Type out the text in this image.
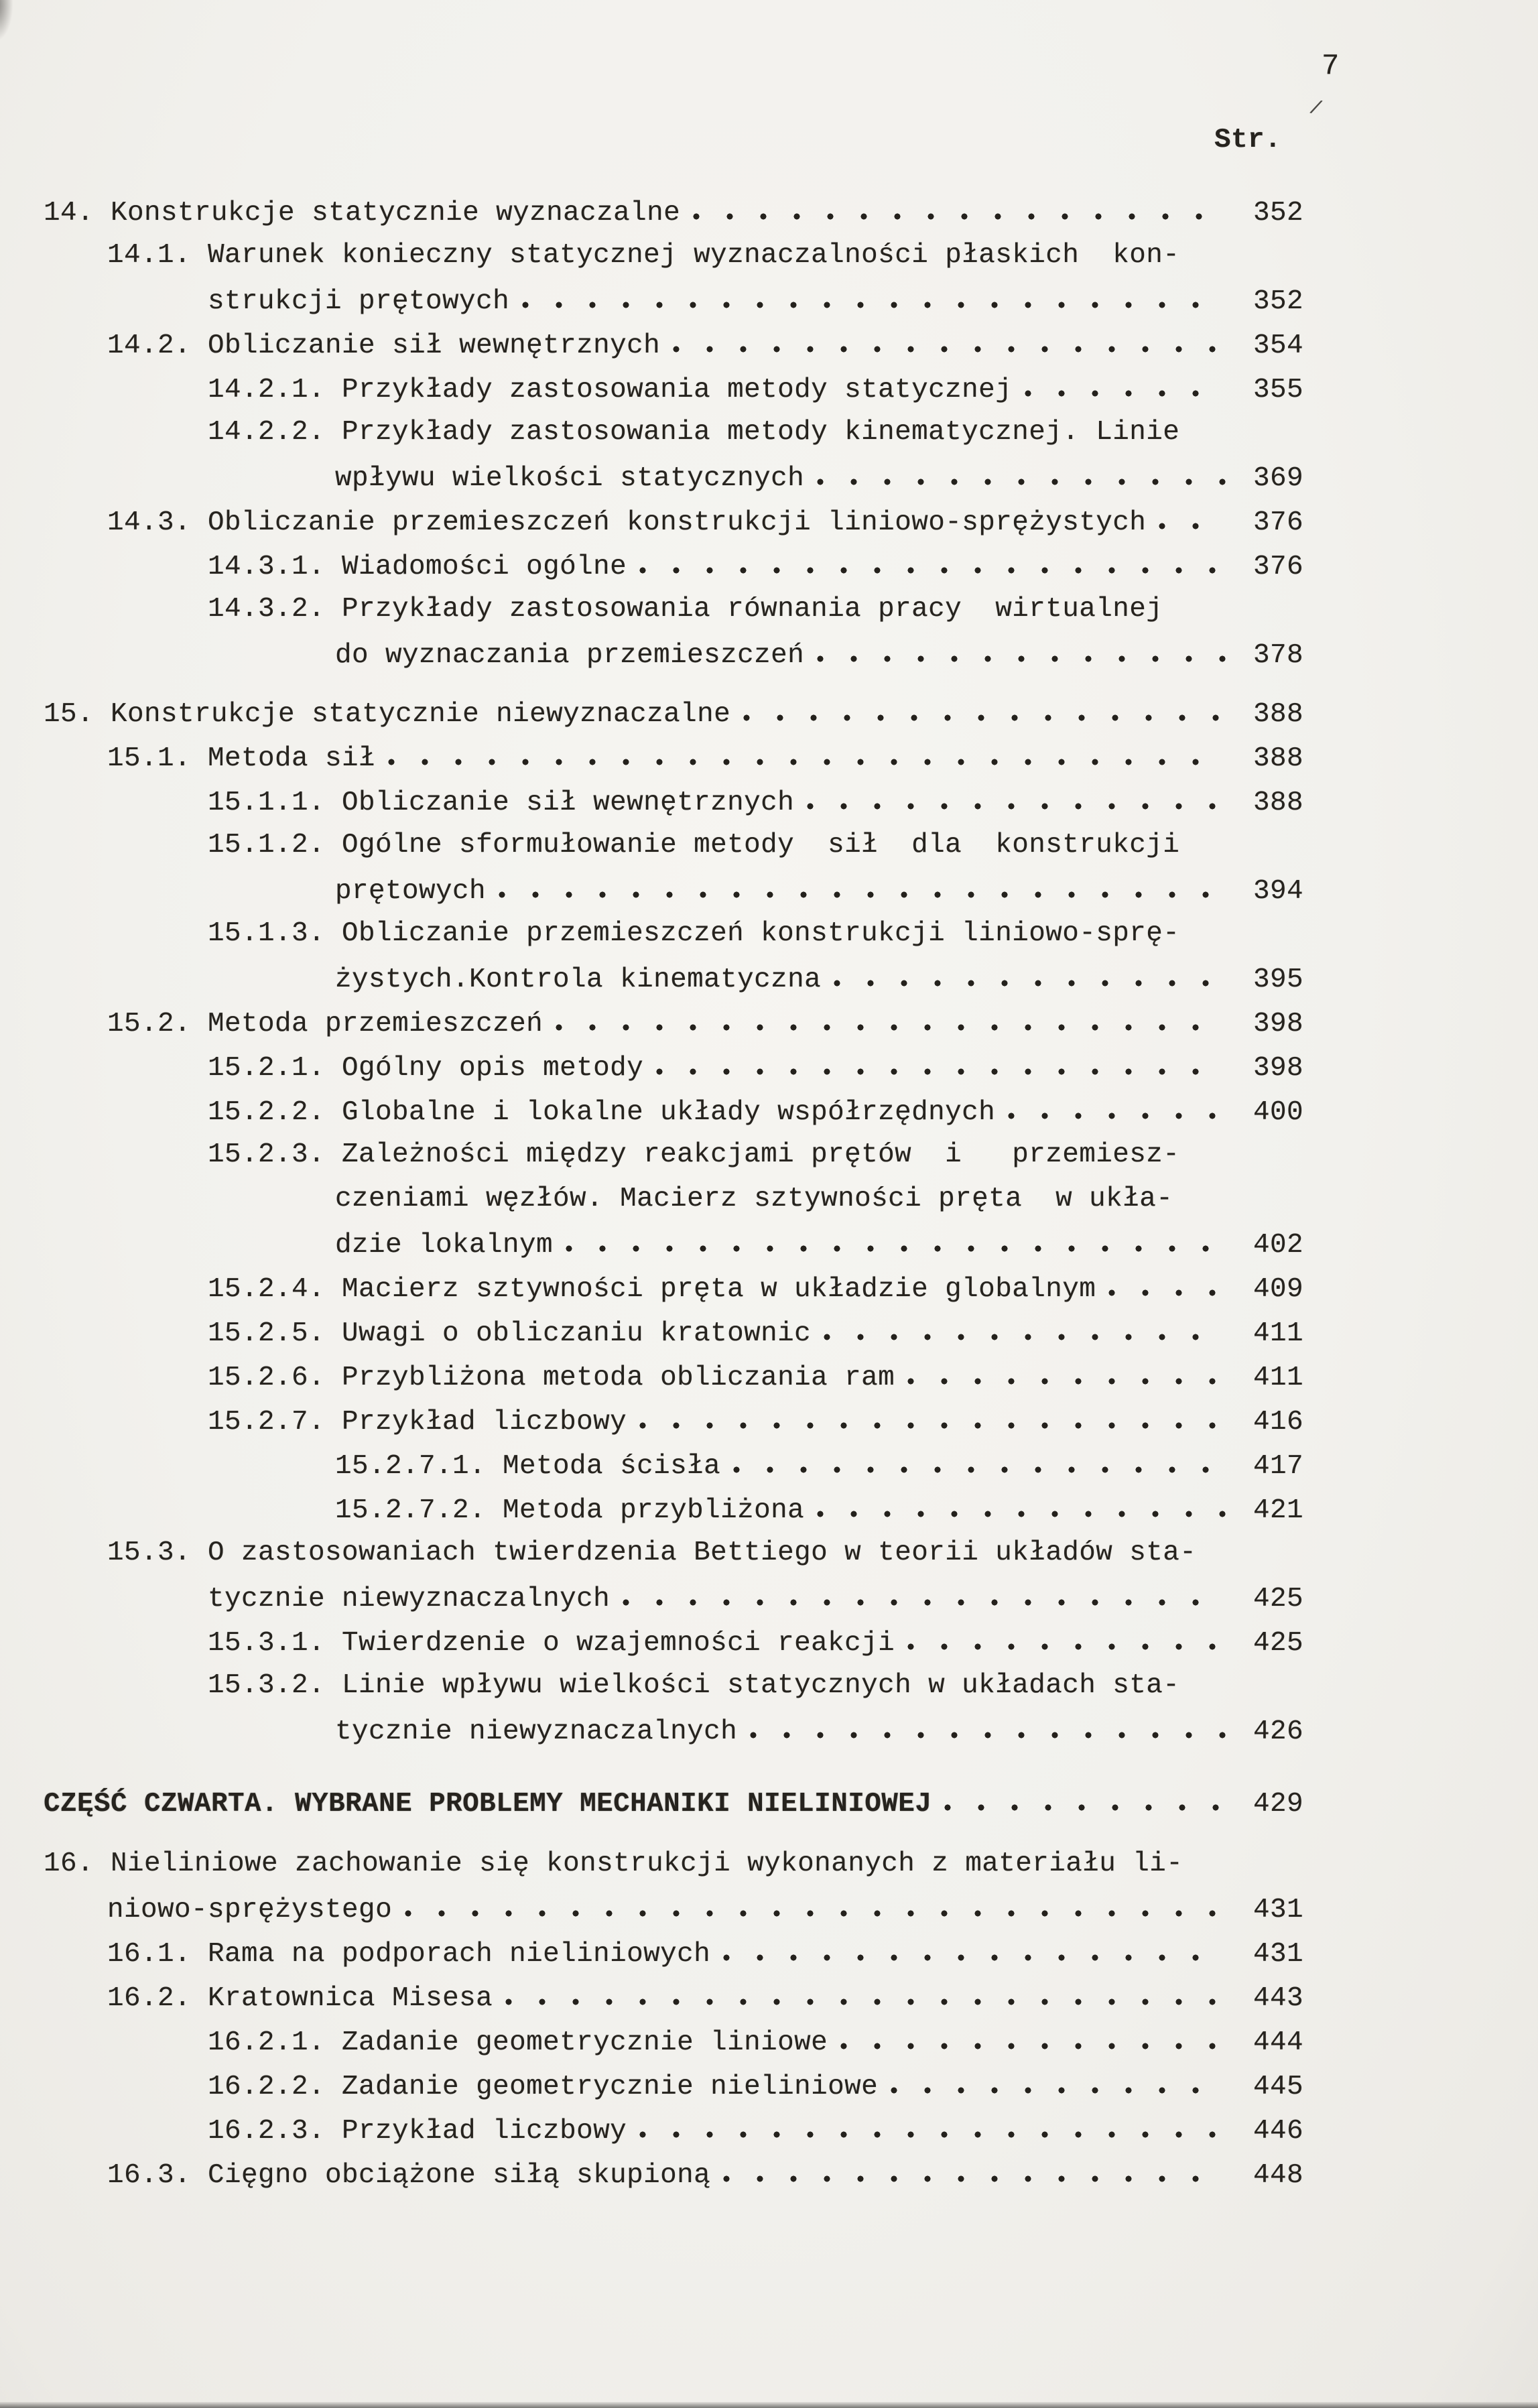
7
/
Str.
14. Konstrukcje statycznie wyznaczalne	352
14.1. Warunek konieczny statycznej wyznaczalności płaskich  kon-
strukcji prętowych	352
14.2. Obliczanie sił wewnętrznych	354
14.2.1. Przykłady zastosowania metody statycznej	355
14.2.2. Przykłady zastosowania metody kinematycznej. Linie
wpływu wielkości statycznych	369
14.3. Obliczanie przemieszczeń konstrukcji liniowo-sprężystych	376
14.3.1. Wiadomości ogólne	376
14.3.2. Przykłady zastosowania równania pracy  wirtualnej
do wyznaczania przemieszczeń	378
15. Konstrukcje statycznie niewyznaczalne	388
15.1. Metoda sił	388
15.1.1. Obliczanie sił wewnętrznych	388
15.1.2. Ogólne sformułowanie metody  sił  dla  konstrukcji
prętowych	394
15.1.3. Obliczanie przemieszczeń konstrukcji liniowo-sprę-
żystych.Kontrola kinematyczna	395
15.2. Metoda przemieszczeń	398
15.2.1. Ogólny opis metody	398
15.2.2. Globalne i lokalne układy współrzędnych	400
15.2.3. Zależności między reakcjami prętów  i   przemiesz-
czeniami węzłów. Macierz sztywności pręta  w ukła-
dzie lokalnym	402
15.2.4. Macierz sztywności pręta w układzie globalnym	409
15.2.5. Uwagi o obliczaniu kratownic	411
15.2.6. Przybliżona metoda obliczania ram	411
15.2.7. Przykład liczbowy	416
15.2.7.1. Metoda ścisła	417
15.2.7.2. Metoda przybliżona	421
15.3. O zastosowaniach twierdzenia Bettiego w teorii układów sta-
tycznie niewyznaczalnych	425
15.3.1. Twierdzenie o wzajemności reakcji	425
15.3.2. Linie wpływu wielkości statycznych w układach sta-
tycznie niewyznaczalnych	426
CZĘŚĆ CZWARTA. WYBRANE PROBLEMY MECHANIKI NIELINIOWEJ	429
16. Nieliniowe zachowanie się konstrukcji wykonanych z materiału li-
niowo-sprężystego	431
16.1. Rama na podporach nieliniowych	431
16.2. Kratownica Misesa	443
16.2.1. Zadanie geometrycznie liniowe	444
16.2.2. Zadanie geometrycznie nieliniowe	445
16.2.3. Przykład liczbowy	446
16.3. Cięgno obciążone siłą skupioną	448
